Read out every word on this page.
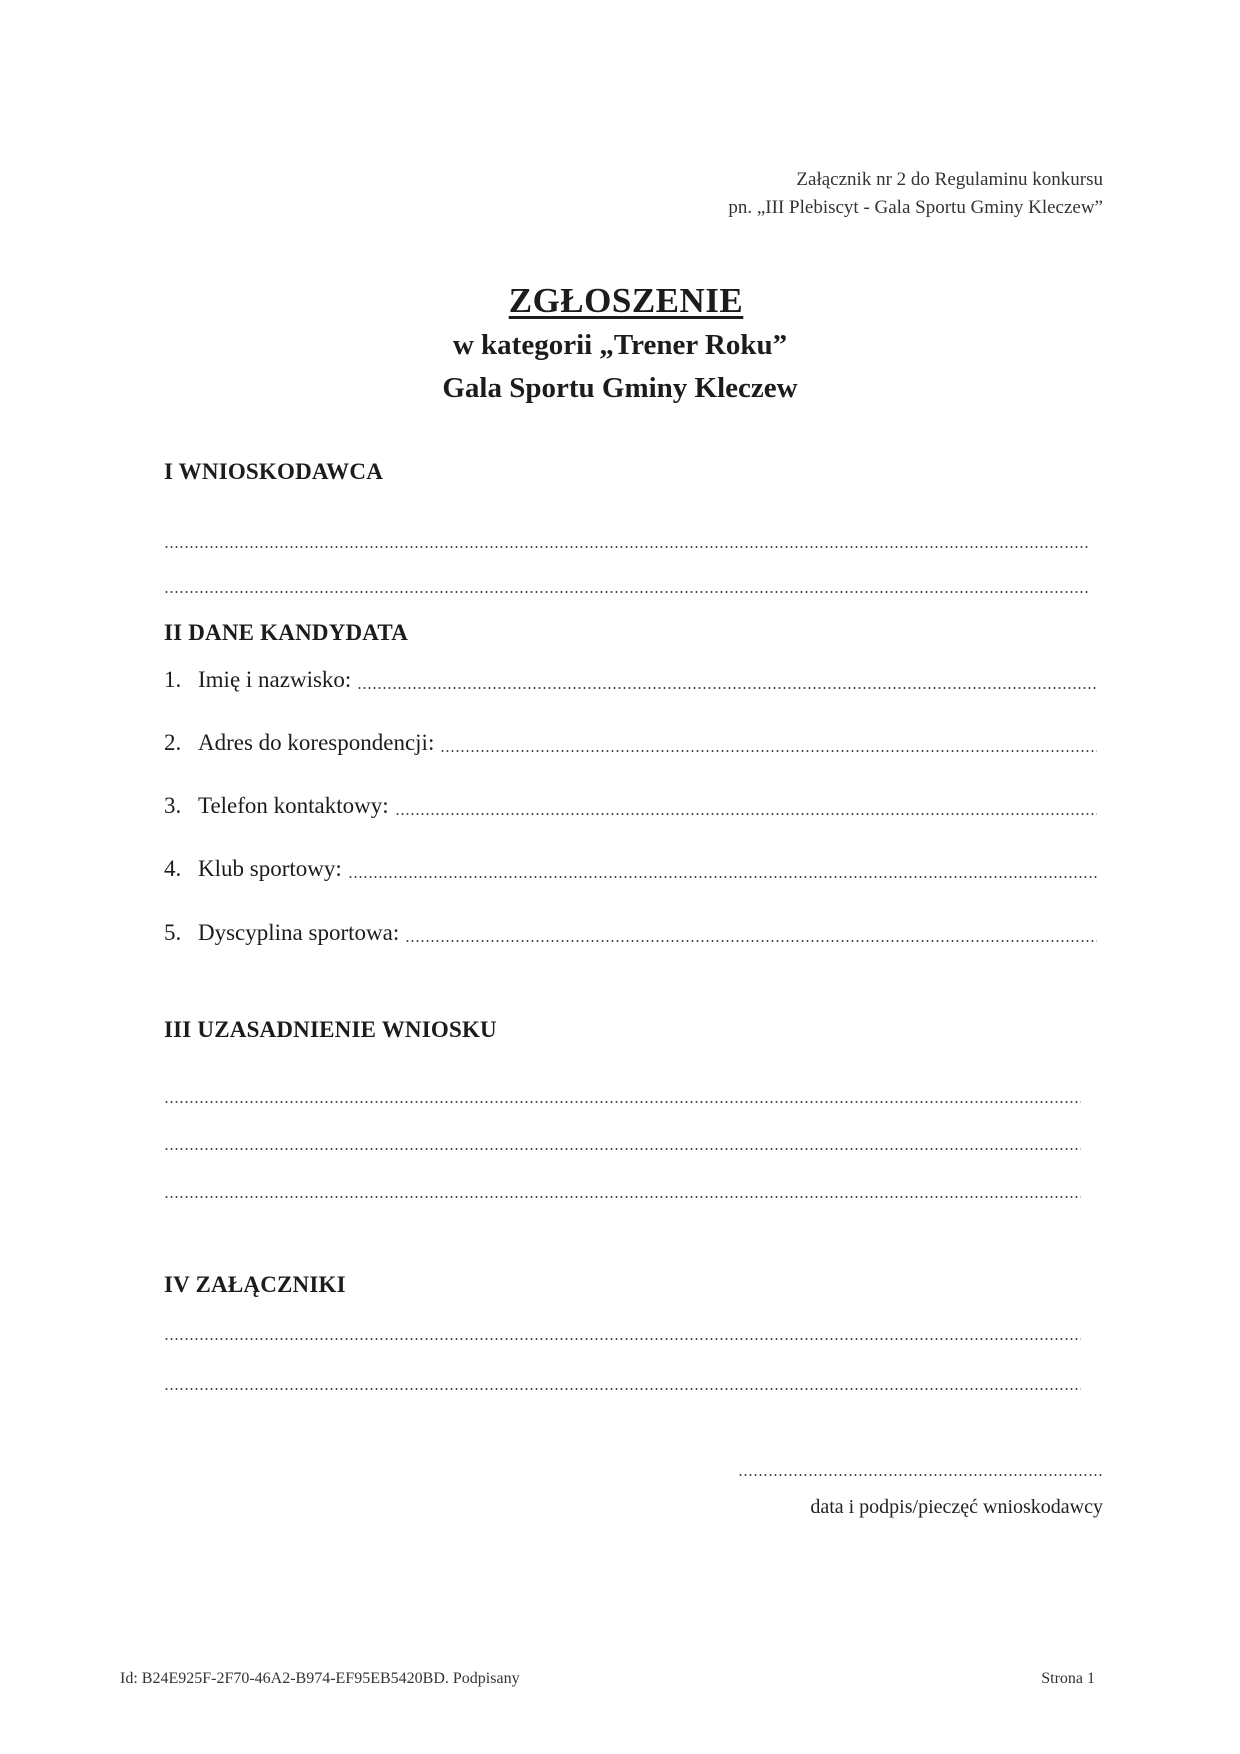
Załącznik nr 2 do Regulaminu konkursu
pn. „III Plebiscyt - Gala Sportu Gminy Kleczew”
ZGŁOSZENIE
w kategorii „Trener Roku”
Gala Sportu Gminy Kleczew
I WNIOSKODAWCA
II DANE KANDYDATA
1. Imię i nazwisko:
2. Adres do korespondencji:
3. Telefon kontaktowy:
4. Klub sportowy:
5. Dyscyplina sportowa:
III UZASADNIENIE WNIOSKU
IV ZAŁĄCZNIKI
data i podpis/pieczęć wnioskodawcy
Id: B24E925F-2F70-46A2-B974-EF95EB5420BD. Podpisany	Strona 1
